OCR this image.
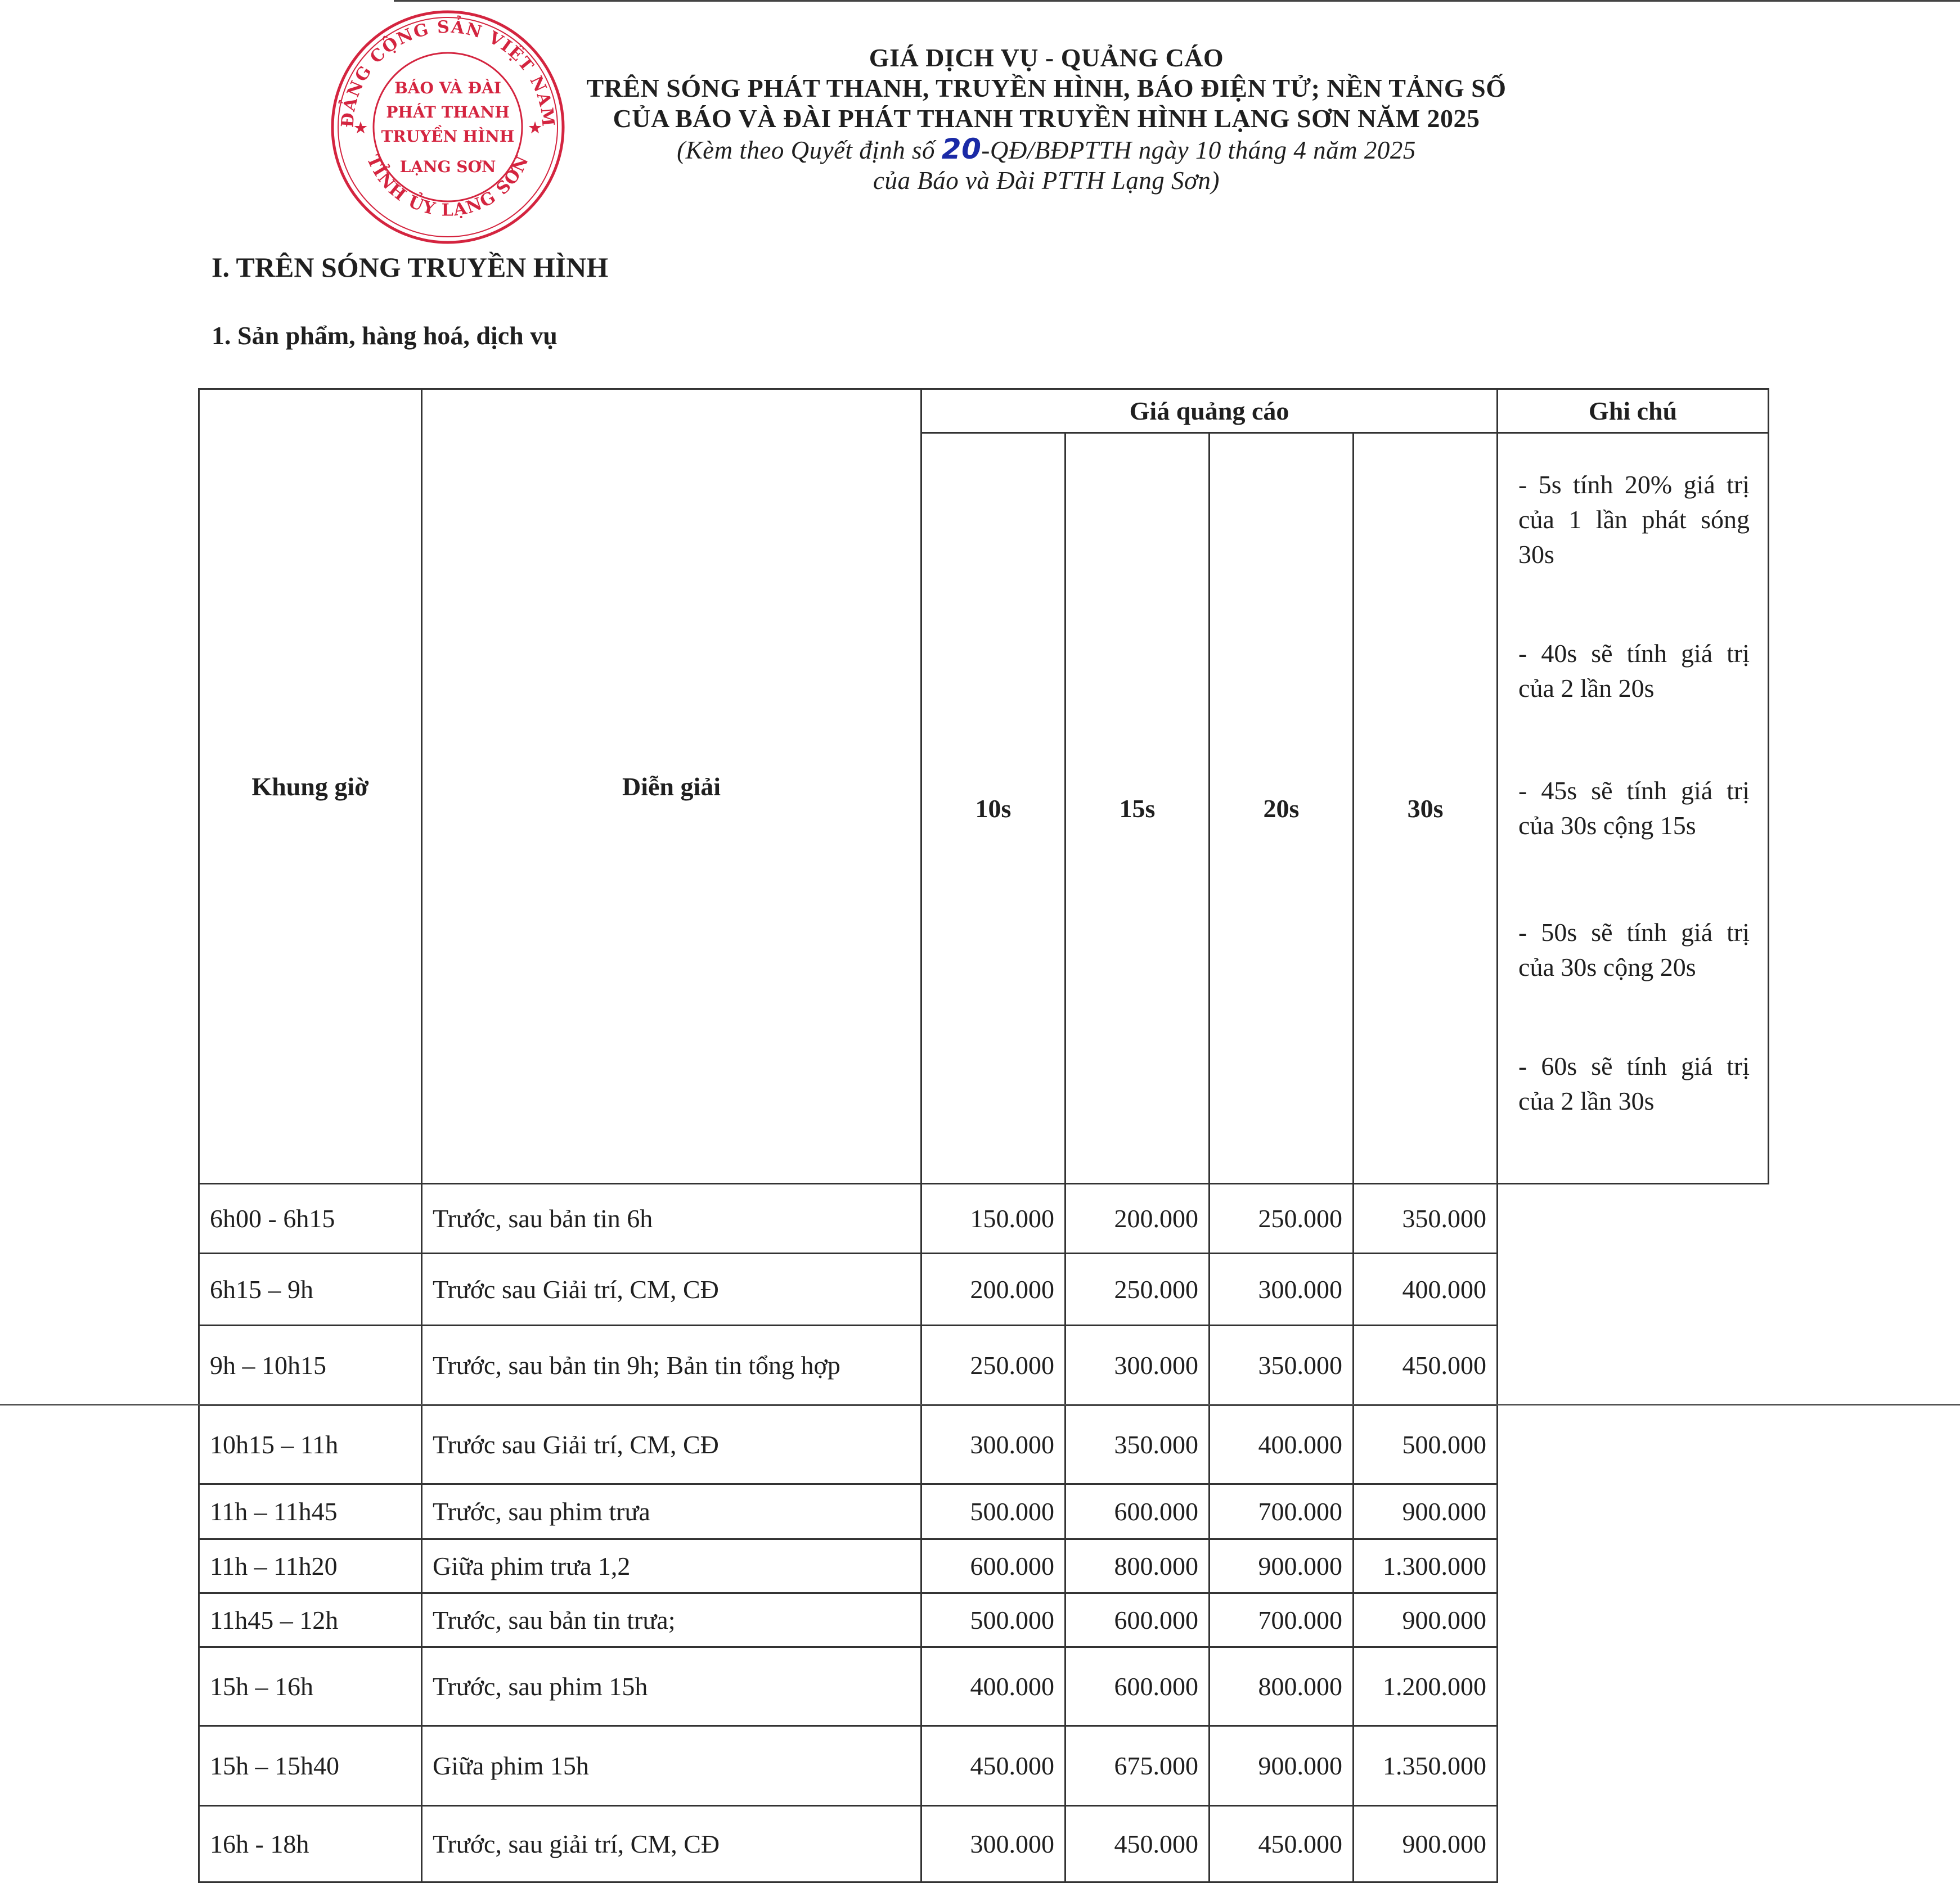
ĐẢNG CỘNG SẢN VIỆT NAM
TỈNH ỦY LẠNG SƠN
★	★
BÁO VÀ ĐÀI
PHÁT THANH
TRUYỀN HÌNH
LẠNG SƠN
GIÁ DỊCH VỤ - QUẢNG CÁO
TRÊN SÓNG PHÁT THANH, TRUYỀN HÌNH, BÁO ĐIỆN TỬ; NỀN TẢNG SỐ
CỦA BÁO VÀ ĐÀI PHÁT THANH TRUYỀN HÌNH LẠNG SƠN NĂM 2025
(Kèm theo Quyết định số 20-QĐ/BĐPTTH ngày 10 tháng 4 năm 2025
của Báo và Đài PTTH Lạng Sơn)
I. TRÊN SÓNG TRUYỀN HÌNH
1. Sản phẩm, hàng hoá, dịch vụ
Khung giờ	Diễn giải	Giá quảng cáo				Ghi chú
		10s	15s	20s	30s	- 5s tính 20% giá trị của 1 lần phát sóng 30s
- 40s sẽ tính giá trị của 2 lần 20s
- 45s sẽ tính giá trị của 30s cộng 15s
- 50s sẽ tính giá trị của 30s cộng 20s
- 60s sẽ tính giá trị của 2 lần 30s

6h00 - 6h15	Trước, sau bản tin 6h	150.000	200.000	250.000	350.000	
6h15 – 9h	Trước sau Giải trí, CM, CĐ	200.000	250.000	300.000	400.000	
9h – 10h15	Trước, sau bản tin 9h; Bản tin tổng hợp	250.000	300.000	350.000	450.000	
10h15 – 11h	Trước sau Giải trí, CM, CĐ	300.000	350.000	400.000	500.000	
11h – 11h45	Trước, sau phim trưa	500.000	600.000	700.000	900.000	
11h – 11h20	Giữa phim trưa 1,2	600.000	800.000	900.000	1.300.000	
11h45 – 12h	Trước, sau bản tin trưa;	500.000	600.000	700.000	900.000	
15h – 16h	Trước, sau phim 15h	400.000	600.000	800.000	1.200.000	
15h – 15h40	Giữa phim 15h	450.000	675.000	900.000	1.350.000	
16h - 18h	Trước, sau giải trí, CM, CĐ	300.000	450.000	450.000	900.000	
